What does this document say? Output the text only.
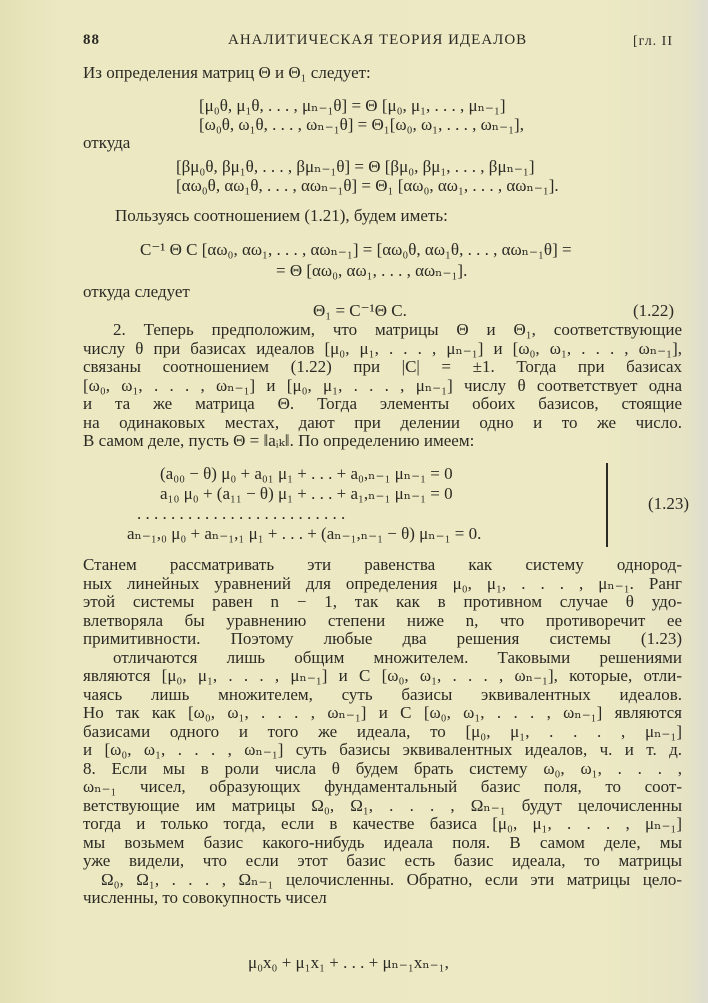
88	АНАЛИТИЧЕСКАЯ ТЕОРИЯ ИДЕАЛОВ	[гл. II
Из определения матриц Θ и Θ₁ следует:
[μ₀θ, μ₁θ, . . . , μₙ₋₁θ] = Θ [μ₀, μ₁, . . . , μₙ₋₁]
[ω₀θ, ω₁θ, . . . , ωₙ₋₁θ] = Θ₁[ω₀, ω₁, . . . , ωₙ₋₁],
откуда
[βμ₀θ, βμ₁θ, . . . , βμₙ₋₁θ] = Θ [βμ₀, βμ₁, . . . , βμₙ₋₁]
[αω₀θ, αω₁θ, . . . , αωₙ₋₁θ] = Θ₁ [αω₀, αω₁, . . . , αωₙ₋₁].
Пользуясь соотношением (1.21), будем иметь:
C⁻¹ Θ C [αω₀, αω₁, . . . , αωₙ₋₁] = [αω₀θ, αω₁θ, . . . , αωₙ₋₁θ] =
= Θ [αω₀, αω₁, . . . , αωₙ₋₁].
откуда следует
Θ₁ = C⁻¹Θ C.	(1.22)
2. Теперь предположим, что матрицы Θ и Θ₁, соответствующие
числу θ при базисах идеалов [μ₀, μ₁, . . . , μₙ₋₁] и [ω₀, ω₁, . . . , ωₙ₋₁],
связаны соотношением (1.22) при |C| = ±1. Тогда при базисах
[ω₀, ω₁, . . . , ωₙ₋₁] и [μ₀, μ₁, . . . , μₙ₋₁] числу θ соответствует одна
и та же матрица Θ. Тогда элементы обоих базисов, стоящие
на одинаковых местах, дают при делении одно и то же число.
В самом деле, пусть Θ = ‖aᵢₖ‖. По определению имеем:
(a₀₀ − θ) μ₀ + a₀₁ μ₁ + . . . + a₀,ₙ₋₁ μₙ₋₁ = 0
a₁₀ μ₀ + (a₁₁ − θ) μ₁ + . . . + a₁,ₙ₋₁ μₙ₋₁ = 0
. . . . . . . . . . . . . . . . . . . . . . . . .
aₙ₋₁,₀ μ₀ + aₙ₋₁,₁ μ₁ + . . . + (aₙ₋₁,ₙ₋₁ − θ) μₙ₋₁ = 0.
(1.23)
Станем рассматривать эти равенства как систему однород-
ных линейных уравнений для определения μ₀, μ₁, . . . , μₙ₋₁. Ранг
этой системы равен n − 1, так как в противном случае θ удо-
влетворяла бы уравнению степени ниже n, что противоречит ее
примитивности. Поэтому любые два решения системы (1.23)
отличаются лишь общим множителем. Таковыми решениями
являются [μ₀, μ₁, . . . , μₙ₋₁] и C [ω₀, ω₁, . . . , ωₙ₋₁], которые, отли-
чаясь лишь множителем, суть базисы эквивалентных идеалов.
Но так как [ω₀, ω₁, . . . , ωₙ₋₁] и C [ω₀, ω₁, . . . , ωₙ₋₁] являются
базисами одного и того же идеала, то [μ₀, μ₁, . . . , μₙ₋₁]
и [ω₀, ω₁, . . . , ωₙ₋₁] суть базисы эквивалентных идеалов, ч. и т. д.
8. Если мы в роли числа θ будем брать систему ω₀, ω₁, . . . ,
ωₙ₋₁ чисел, образующих фундаментальный базис поля, то соот-
ветствующие им матрицы Ω₀, Ω₁, . . . , Ωₙ₋₁ будут целочисленны
тогда и только тогда, если в качестве базиса [μ₀, μ₁, . . . , μₙ₋₁]
мы возьмем базис какого-нибудь идеала поля. В самом деле, мы
уже видели, что если этот базис есть базис идеала, то матрицы
Ω₀, Ω₁, . . . , Ωₙ₋₁ целочисленны. Обратно, если эти матрицы цело-
численны, то совокупность чисел
μ₀x₀ + μ₁x₁ + . . . + μₙ₋₁xₙ₋₁,
